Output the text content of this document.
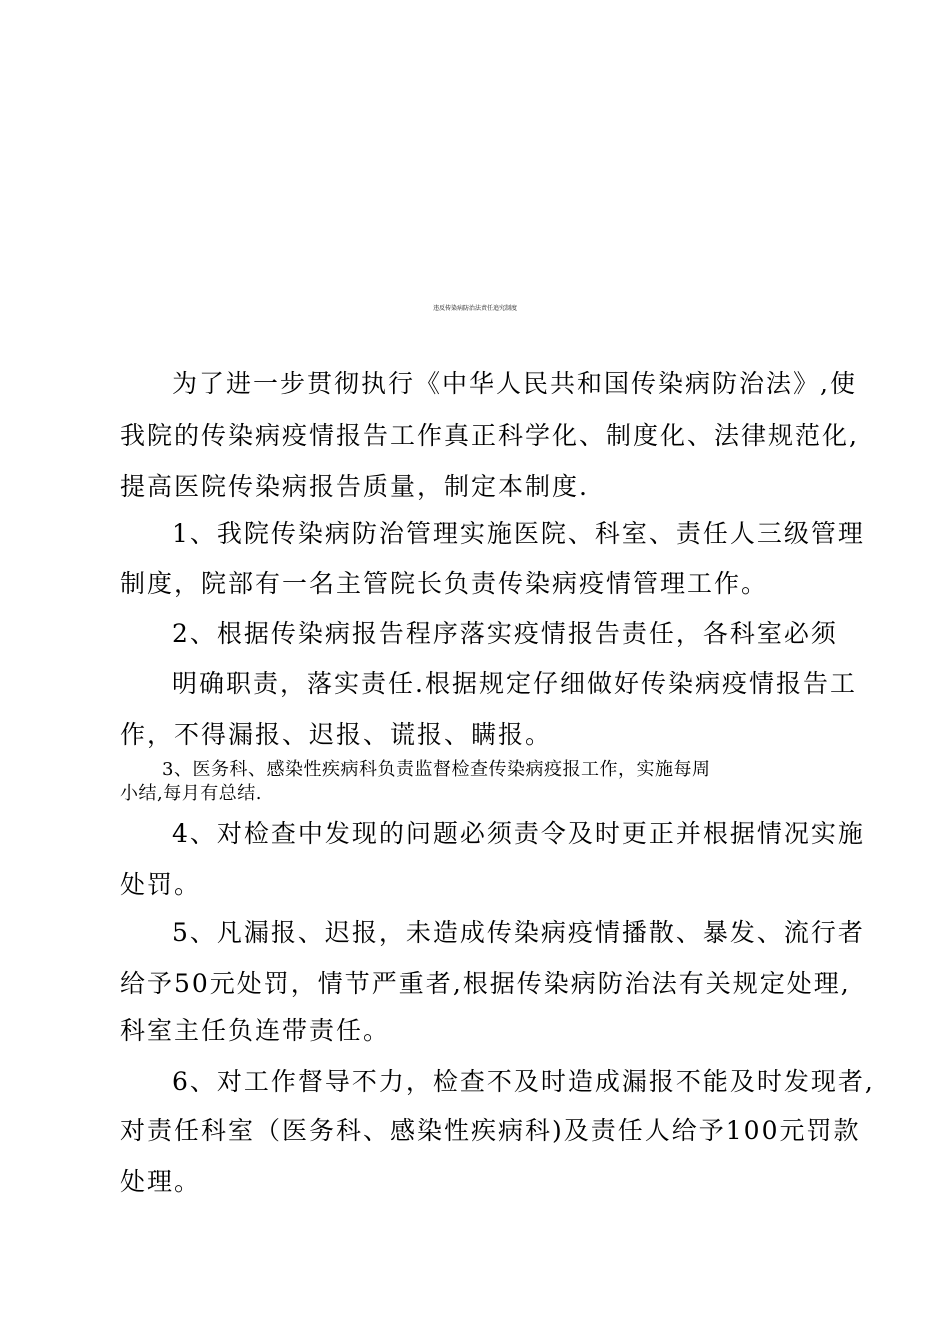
违反传染病防治法责任追究制度
为了进一步贯彻执行《中华人民共和国传染病防治法》,使
我院的传染病疫情报告工作真正科学化、制度化、法律规范化,
提高医院传染病报告质量，制定本制度.
1、我院传染病防治管理实施医院、科室、责任人三级管理
制度，院部有一名主管院长负责传染病疫情管理工作。
2、根据传染病报告程序落实疫情报告责任，各科室必须
明确职责，落实责任.根据规定仔细做好传染病疫情报告工
作，不得漏报、迟报、谎报、瞒报。
3、医务科、感染性疾病科负责监督检查传染病疫报工作，实施每周
小结,每月有总结.
4、对检查中发现的问题必须责令及时更正并根据情况实施
处罚。
5、凡漏报、迟报，未造成传染病疫情播散、暴发、流行者
给予50元处罚，情节严重者,根据传染病防治法有关规定处理,
科室主任负连带责任。
6、对工作督导不力，检查不及时造成漏报不能及时发现者,
对责任科室（医务科、感染性疾病科)及责任人给予100元罚款
处理。
